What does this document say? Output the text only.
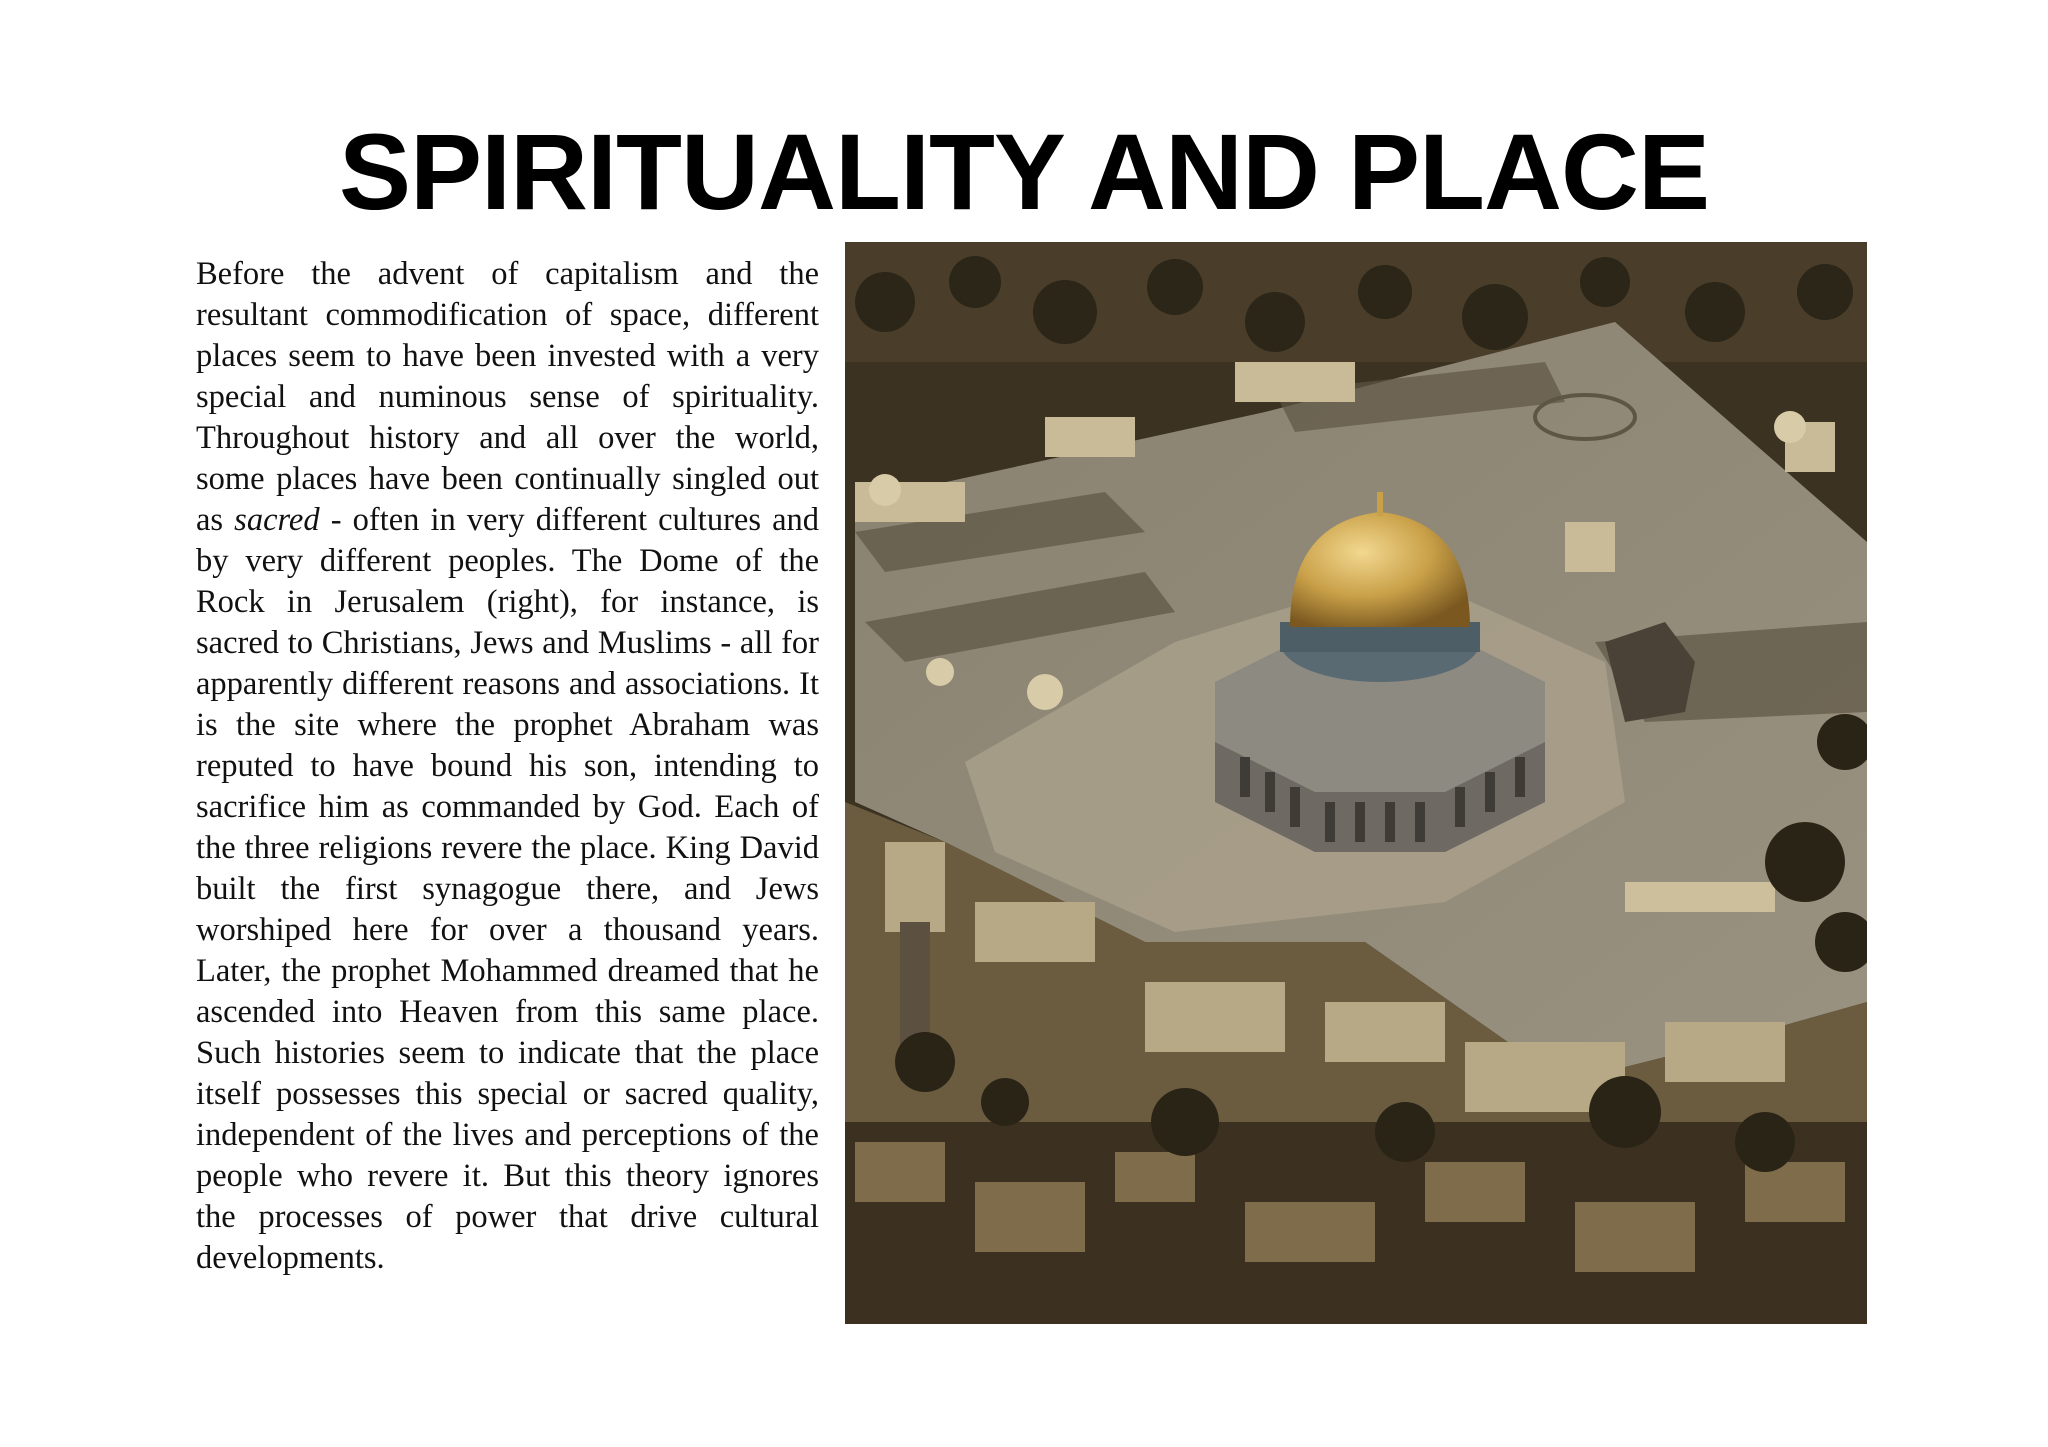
SPIRITUALITY AND PLACE

Before the advent of capitalism and the resultant commodification of space, different places seem to have been invested with a very special and numinous sense of spirituality. Throughout history and all over the world, some places have been continually singled out as sacred - often in very different cultures and by very different peoples. The Dome of the Rock in Jerusalem (right), for instance, is sacred to Christians, Jews and Muslims - all for apparently different reasons and associations. It is the site where the prophet Abraham was reputed to have bound his son, intending to sacrifice him as commanded by God. Each of the three religions revere the place. King David built the first synagogue there, and Jews worshiped here for over a thousand years. Later, the prophet Mohammed dreamed that he ascended into Heaven from this same place. Such histories seem to indicate that the place itself possesses this special or sacred quality, independent of the lives and perceptions of the people who revere it. But this theory ignores the processes of power that drive cultural developments.
